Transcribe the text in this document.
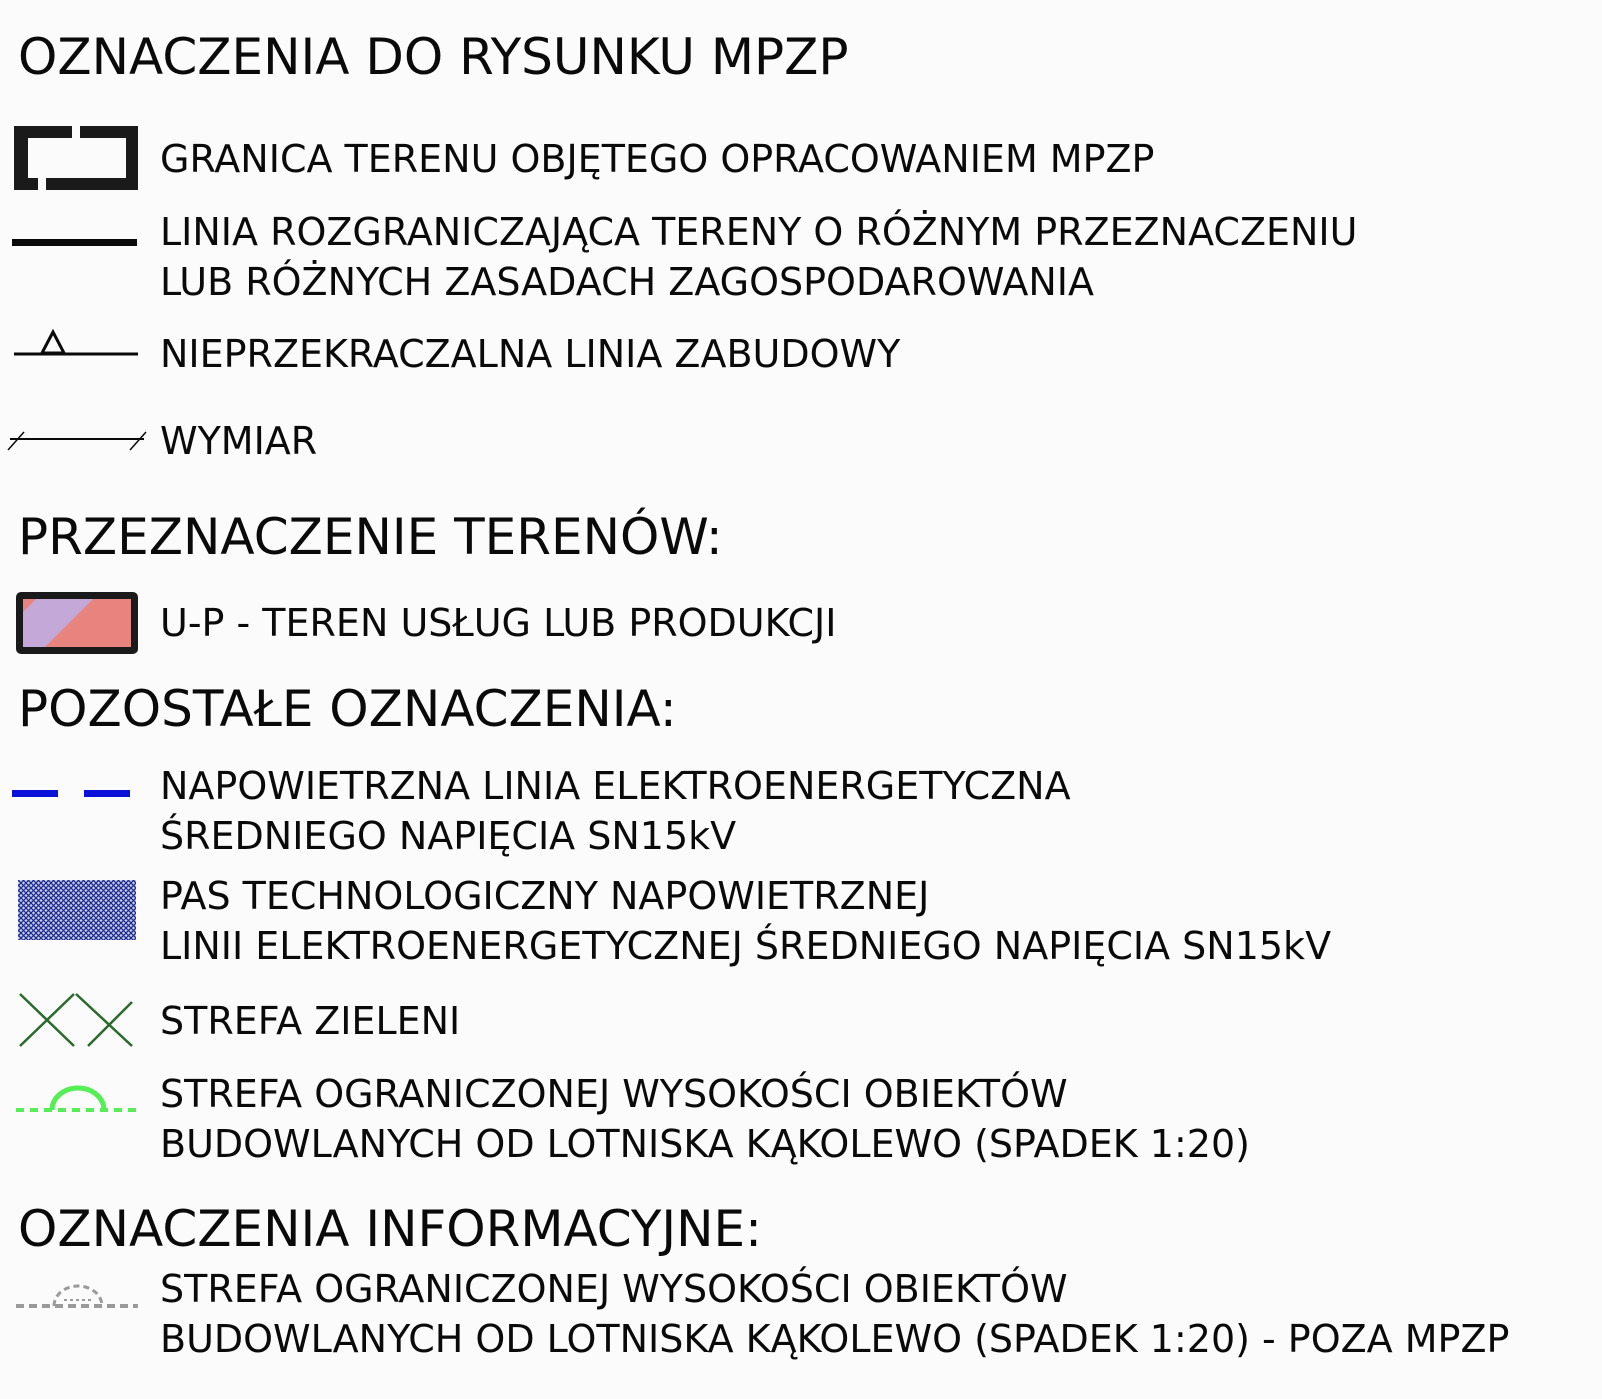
OZNACZENIA DO RYSUNKU MPZP
GRANICA TERENU OBJĘTEGO OPRACOWANIEM MPZP
LINIA ROZGRANICZAJĄCA TERENY O RÓŻNYM PRZEZNACZENIU
LUB RÓŻNYCH ZASADACH ZAGOSPODAROWANIA
NIEPRZEKRACZALNA LINIA ZABUDOWY
WYMIAR
PRZEZNACZENIE TERENÓW:
U-P - TEREN USŁUG LUB PRODUKCJI
POZOSTAŁE OZNACZENIA:
NAPOWIETRZNA LINIA ELEKTROENERGETYCZNA
ŚREDNIEGO NAPIĘCIA SN15kV
PAS TECHNOLOGICZNY NAPOWIETRZNEJ
LINII ELEKTROENERGETYCZNEJ ŚREDNIEGO NAPIĘCIA SN15kV
STREFA ZIELENI
STREFA OGRANICZONEJ WYSOKOŚCI OBIEKTÓW
BUDOWLANYCH OD LOTNISKA KĄKOLEWO (SPADEK 1:20)
OZNACZENIA INFORMACYJNE:
STREFA OGRANICZONEJ WYSOKOŚCI OBIEKTÓW
BUDOWLANYCH OD LOTNISKA KĄKOLEWO (SPADEK 1:20) - POZA MPZP
